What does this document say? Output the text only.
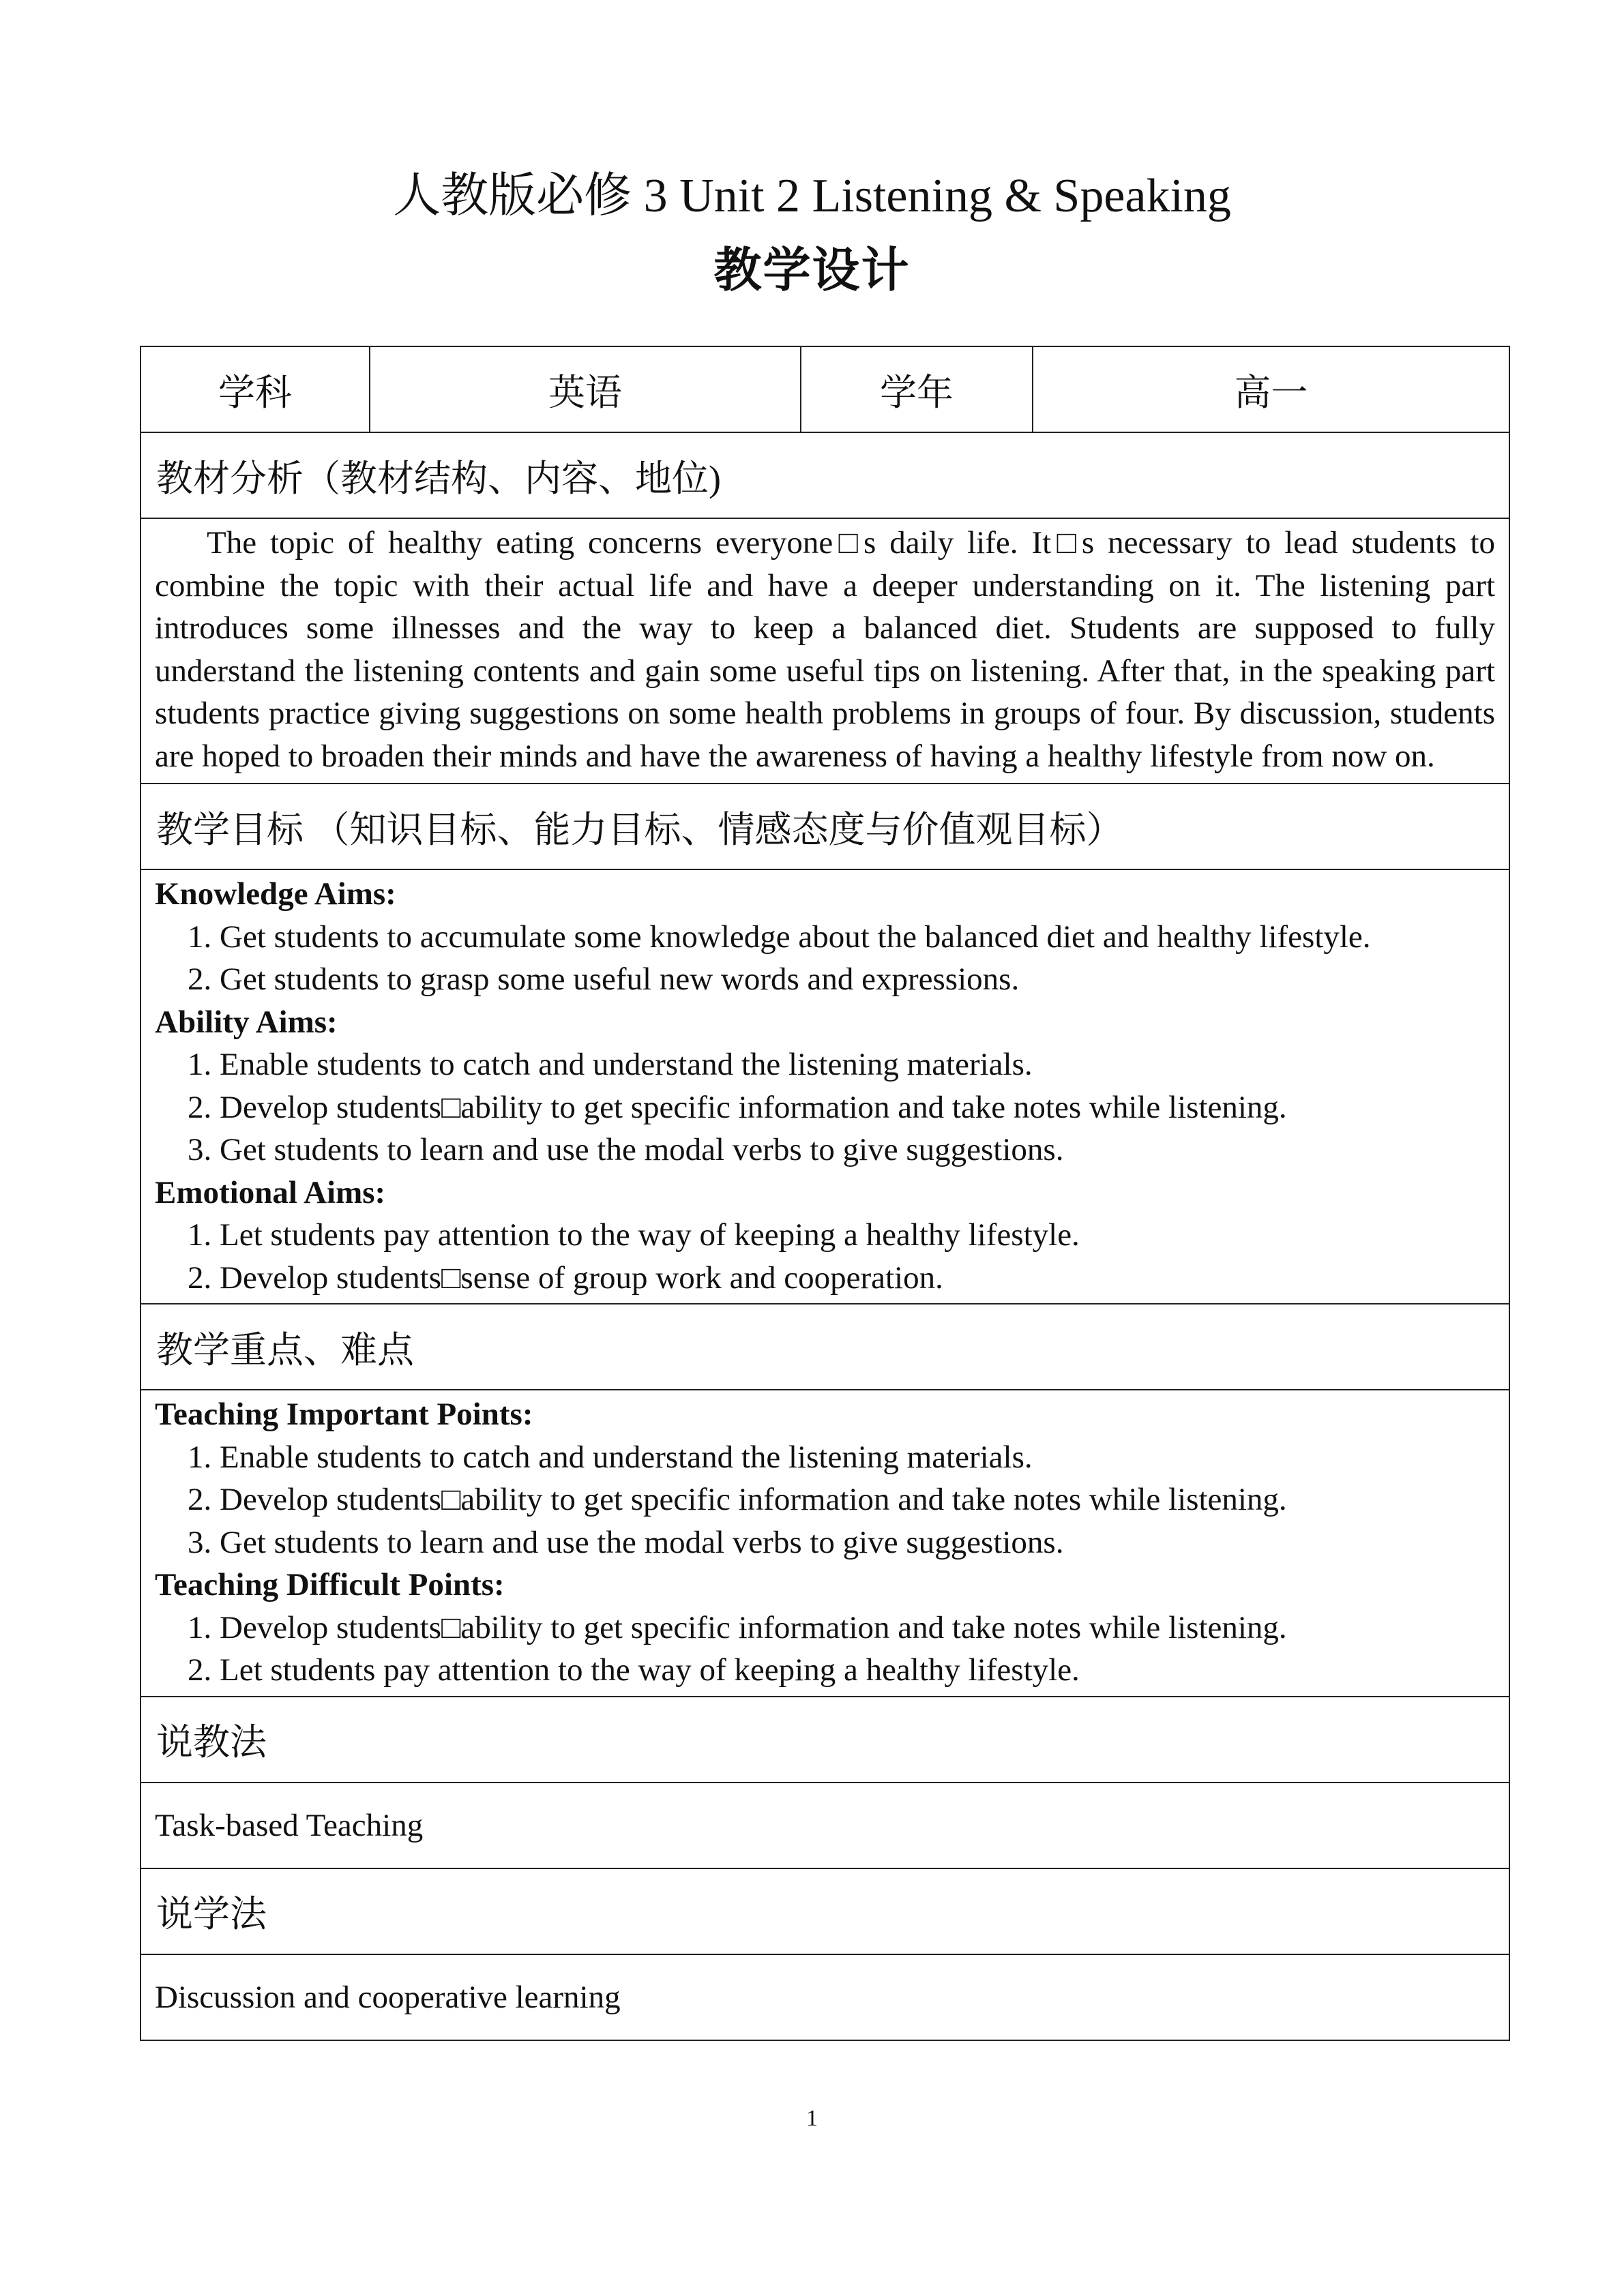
人教版必修 3 Unit 2 Listening & Speaking
教学设计
学科	英语	学年	高一
教材分析（教材结构、内容、地位)
The topic of healthy eating concerns everyone□s daily life. It□s necessary to lead students to combine the topic with their actual life and have a deeper understanding on it. The listening part introduces some illnesses and the way to keep a balanced diet. Students are supposed to fully understand the listening contents and gain some useful tips on listening. After that, in the speaking part students practice giving suggestions on some health problems in groups of four. By discussion, students are hoped to broaden their minds and have the awareness of having a healthy lifestyle from now on.
教学目标 （知识目标、能力目标、情感态度与价值观目标）

Knowledge Aims:
1. Get students to accumulate some knowledge about the balanced diet and healthy lifestyle.
2. Get students to grasp some useful new words and expressions.
Ability Aims:
1. Enable students to catch and understand the listening materials.
2. Develop students□ability to get specific information and take notes while listening.
3. Get students to learn and use the modal verbs to give suggestions.
Emotional Aims:
1. Let students pay attention to the way of keeping a healthy lifestyle.
2. Develop students□sense of group work and cooperation.

教学重点、难点

Teaching Important Points:
1. Enable students to catch and understand the listening materials.
2. Develop students□ability to get specific information and take notes while listening.
3. Get students to learn and use the modal verbs to give suggestions.
Teaching Difficult Points:
1. Develop students□ability to get specific information and take notes while listening.
2. Let students pay attention to the way of keeping a healthy lifestyle.

说教法
Task-based Teaching
说学法
Discussion and cooperative learning
1
